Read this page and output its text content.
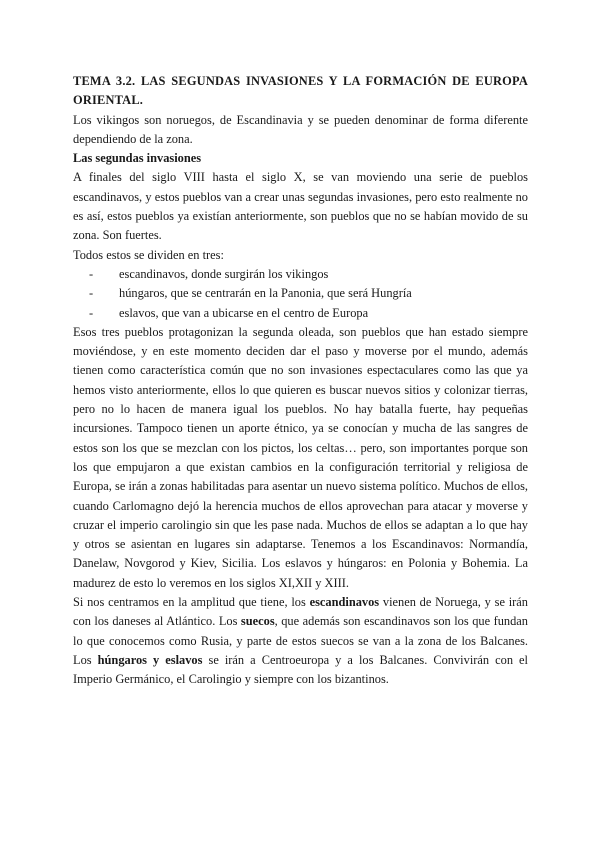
TEMA 3.2. LAS SEGUNDAS INVASIONES Y LA FORMACIÓN DE EUROPA ORIENTAL.

Los vikingos son noruegos, de Escandinavia y se pueden denominar de forma diferente dependiendo de la zona.

Las segundas invasiones

A finales del siglo VIII hasta el siglo X, se van moviendo una serie de pueblos escandinavos, y estos pueblos van a crear unas segundas invasiones, pero esto realmente no es así, estos pueblos ya existían anteriormente, son pueblos que no se habían movido de su zona. Son fuertes.

Todos estos se dividen en tres:

- escandinavos, donde surgirán los vikingos
- húngaros, que se centrarán en la Panonia, que será Hungría
- eslavos, que van a ubicarse en el centro de Europa

Esos tres pueblos protagonizan la segunda oleada, son pueblos que han estado siempre moviéndose, y en este momento deciden dar el paso y moverse por el mundo, además tienen como característica común que no son invasiones espectaculares como las que ya hemos visto anteriormente, ellos lo que quieren es buscar nuevos sitios y colonizar tierras, pero no lo hacen de manera igual los pueblos. No hay batalla fuerte, hay pequeñas incursiones. Tampoco tienen un aporte étnico, ya se conocían y mucha de las sangres de estos son los que se mezclan con los pictos, los celtas… pero, son importantes porque son los que empujaron a que existan cambios en la configuración territorial y religiosa de Europa, se irán a zonas habilitadas para asentar un nuevo sistema político. Muchos de ellos, cuando Carlomagno dejó la herencia muchos de ellos aprovechan para atacar y moverse y cruzar el imperio carolingio sin que les pase nada. Muchos de ellos se adaptan a lo que hay y otros se asientan en lugares sin adaptarse. Tenemos a los Escandinavos: Normandía, Danelaw, Novgorod y Kiev, Sicilia. Los eslavos y húngaros: en Polonia y Bohemia. La madurez de esto lo veremos en los siglos XI,XII y XIII.

Si nos centramos en la amplitud que tiene, los escandinavos vienen de Noruega, y se irán con los daneses al Atlántico. Los suecos, que además son escandinavos son los que fundan lo que conocemos como Rusia, y parte de estos suecos se van a la zona de los Balcanes. Los húngaros y eslavos se irán a Centroeuropa y a los Balcanes. Convivirán con el Imperio Germánico, el Carolingio y siempre con los bizantinos.
